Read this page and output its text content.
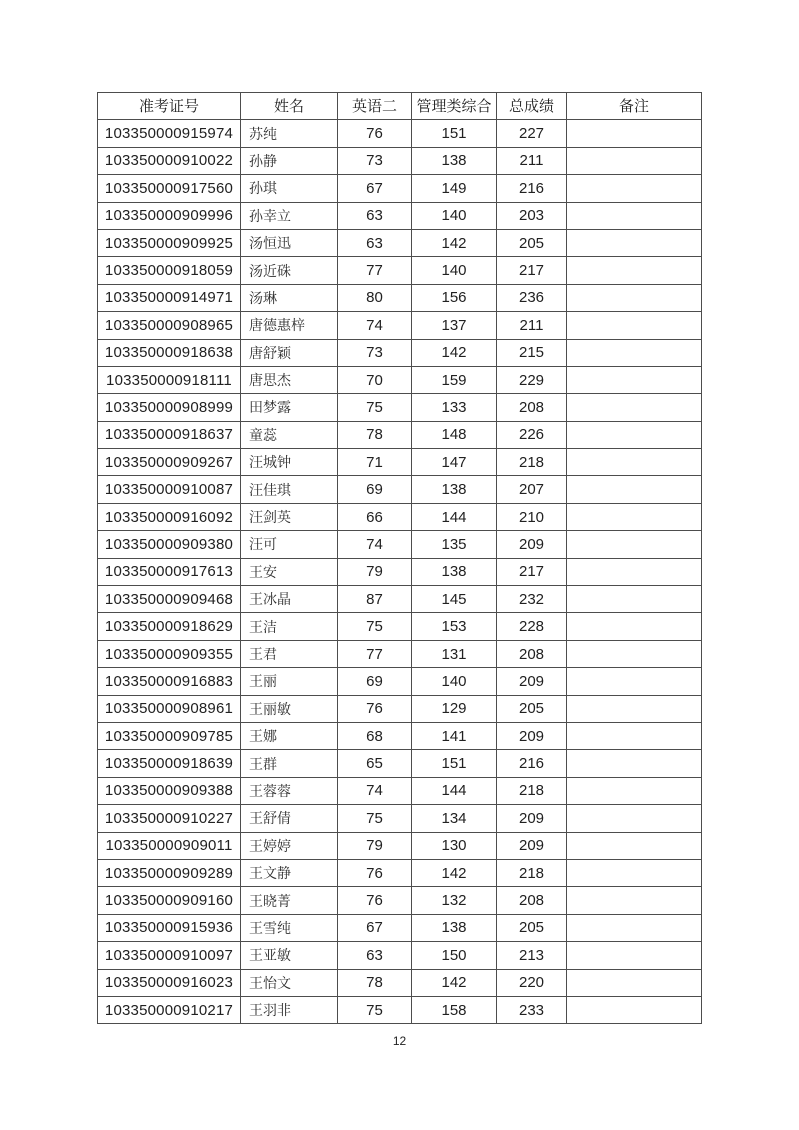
准考证号	姓名	英语二	管理类综合	总成绩	备注
103350000915974	苏纯	76	151	227	
103350000910022	孙静	73	138	211	
103350000917560	孙琪	67	149	216	
103350000909996	孙幸立	63	140	203	
103350000909925	汤恒迅	63	142	205	
103350000918059	汤近硃	77	140	217	
103350000914971	汤琳	80	156	236	
103350000908965	唐德惠梓	74	137	211	
103350000918638	唐舒颖	73	142	215	
103350000918111	唐思杰	70	159	229	
103350000908999	田梦露	75	133	208	
103350000918637	童蕊	78	148	226	
103350000909267	汪城钟	71	147	218	
103350000910087	汪佳琪	69	138	207	
103350000916092	汪剑英	66	144	210	
103350000909380	汪可	74	135	209	
103350000917613	王安	79	138	217	
103350000909468	王冰晶	87	145	232	
103350000918629	王洁	75	153	228	
103350000909355	王君	77	131	208	
103350000916883	王丽	69	140	209	
103350000908961	王丽敏	76	129	205	
103350000909785	王娜	68	141	209	
103350000918639	王群	65	151	216	
103350000909388	王蓉蓉	74	144	218	
103350000910227	王舒倩	75	134	209	
103350000909011	王婷婷	79	130	209	
103350000909289	王文静	76	142	218	
103350000909160	王晓菁	76	132	208	
103350000915936	王雪纯	67	138	205	
103350000910097	王亚敏	63	150	213	
103350000916023	王怡文	78	142	220	
103350000910217	王羽非	75	158	233	
12
